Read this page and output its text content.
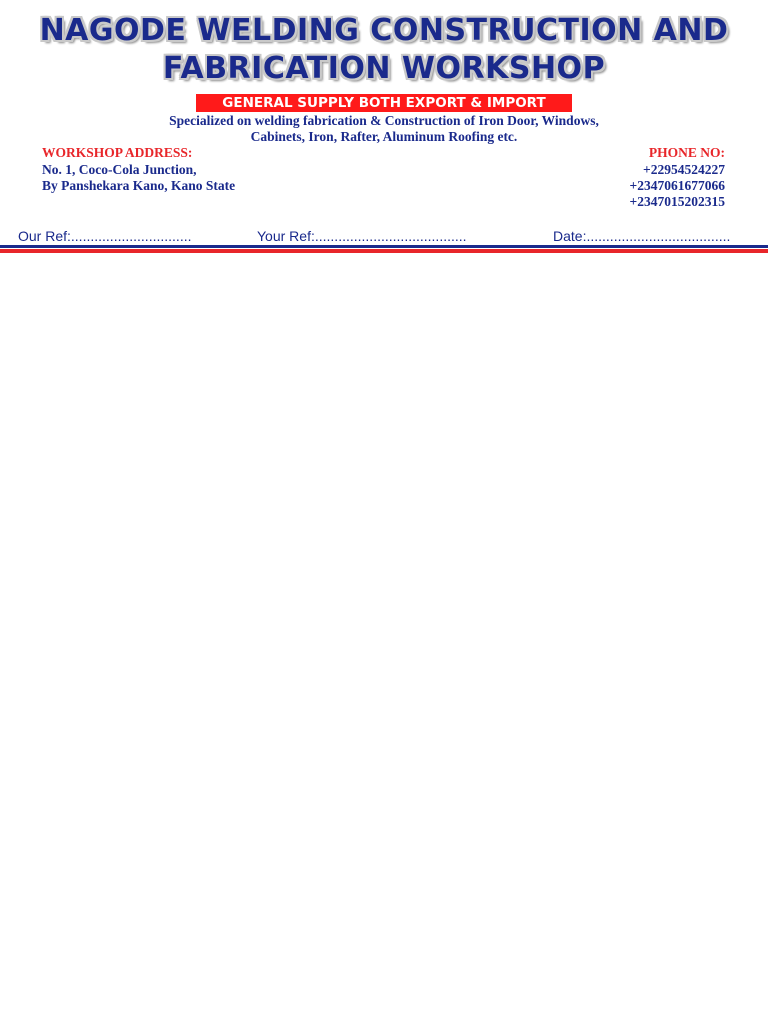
NAGODE WELDING CONSTRUCTION AND
FABRICATION WORKSHOP
GENERAL SUPPLY BOTH EXPORT & IMPORT
Specialized on welding fabrication & Construction of Iron Door, Windows,
Cabinets, Iron, Rafter, Aluminum Roofing etc.
WORKSHOP ADDRESS:
No. 1, Coco-Cola Junction,
By Panshekara Kano, Kano State
PHONE NO:
+22954524227
+2347061677066
+2347015202315
Our Ref:...............................	Your Ref:.......................................	Date:.....................................
